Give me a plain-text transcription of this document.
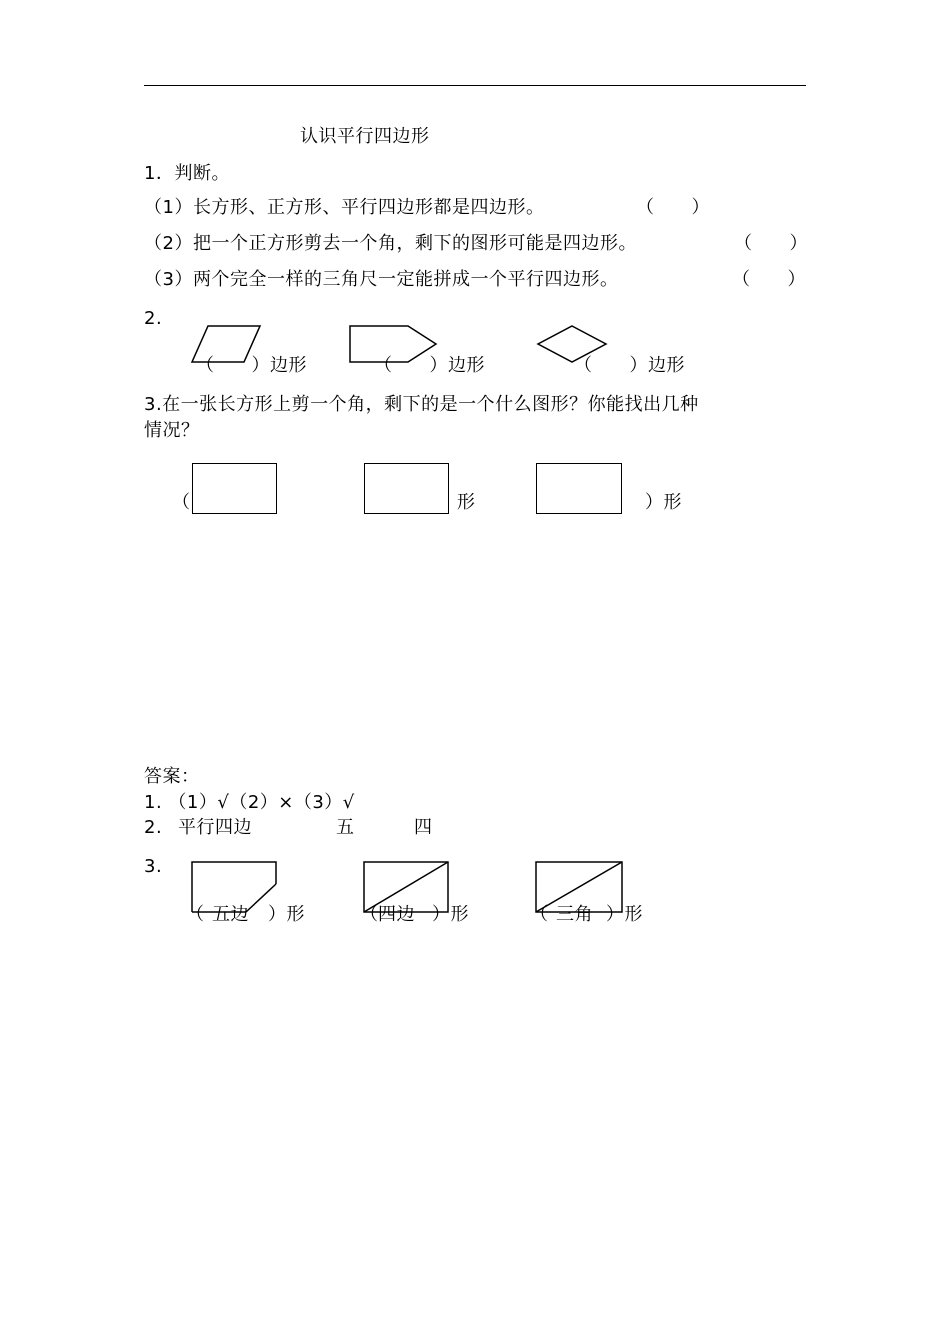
认识平行四边形
1．判断。
（1）长方形、正方形、平行四边形都是四边形。	（　　）
（2）把一个正方形剪去一个角，剩下的图形可能是四边形。	（　　）
（3）两个完全一样的三角尺一定能拼成一个平行四边形。	（　　）
2.
（　　）边形	（　　）边形	（　　）边形
3.在一张长方形上剪一个角，剩下的是一个什么图形？你能找出几种
情况？
（	形	）形
答案：
1. （1）√（2）×（3）√
2. 平行四边	五	四
3.
（ 五边 ）形	（ 四边 ）形	（ 三角 ）形
